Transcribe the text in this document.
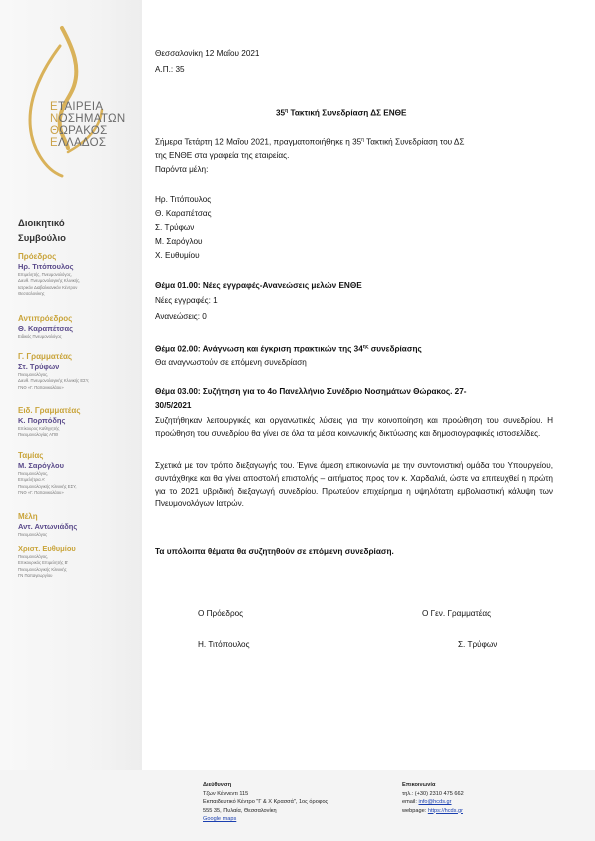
ΕΤΑΙΡΕΙΑ
ΝΟΣΗΜΑΤΩΝ
ΘΩΡΑΚΟΣ
ΕΛΛΑΔΟΣ
Διοικητικό
Συμβούλιο
Πρόεδρος
Ηρ. Τιτόπουλος
Επιμελητής, Πνευμονολόγος,
Διευθ. Πνευμονολογικής Κλινικής,
Ιατρικόν Διαβαλκανικόν Κέντρον
Θεσσαλονίκης
Αντιπρόεδρος
Θ. Καραπέτσας
Ειδικός Πνευμονολόγος
Γ. Γραμματέας
Στ. Τρύφων
Πνευμονολόγος,
Διευθ. Πνευμονολογικής Κλινικής ΕΣΥ,
ΓΝΘ «Γ. Παπανικολάου»
Ειδ. Γραμματέας
Κ. Πορπόδης
Επίκουρος Καθηγητής
Πνευμονολογίας ΑΠΘ
Ταμίας
Μ. Σαρόγλου
Πνευμονολόγος,
Επιμελήτρια Α'
Πνευμονολογικής Κλινικής ΕΣΥ,
ΓΝΘ «Γ. Παπανικολάου»
Μέλη
Αντ. Αντωνιάδης
Πνευμονολόγος
Χριστ. Ευθυμίου
Πνευμονολόγος,
Επικουρικός Επιμελητής Β'
Πνευμονολογικής Κλινικής
ΓΝ Παπαγεωργίου
Θεσσαλονίκη 12 Μαΐου 2021
Α.Π.: 35
$35^\eta$ Τακτική Συνεδρίαση ΔΣ ΕΝΘΕ
Σήμερα Τετάρτη 12 Μαΐου 2021, πραγματοποιήθηκε η $35^\eta$ Τακτική Συνεδρίαση του ΔΣ
της ΕΝΘΕ στα γραφεία της εταιρείας.
Παρόντα μέλη:
Ηρ. Τιτόπουλος
Θ. Καραπέτσας
Σ. Τρύφων
Μ. Σαρόγλου
Χ. Ευθυμίου
Θέμα 01.00: Νέες εγγραφές-Ανανεώσεις μελών ΕΝΘΕ
Νέες εγγραφές: 1
Ανανεώσεις: 0
Θέμα 02.00: Ανάγνωση και έγκριση πρακτικών της $34^{\eta\varsigma}$ συνεδρίασης
Θα αναγνωστούν σε επόμενη συνεδρίαση
Θέμα 03.00: Συζήτηση για το 4ο Πανελλήνιο Συνέδριο Νοσημάτων Θώρακος. 27-
30/5/2021
Συζητήθηκαν λειτουργικές και οργανωτικές λύσεις για την κοινοποίηση και προώθηση του συνεδρίου. Η προώθηση του συνεδρίου θα γίνει σε όλα τα μέσα κοινωνικής δικτύωσης και δημοσιογραφικές ιστοσελίδες.
Σχετικά με τον τρόπο διεξαγωγής του. Έγινε άμεση επικοινωνία με την συντονιστική ομάδα του Υπουργείου, συντάχθηκε και θα γίνει αποστολή επιστολής – αιτήματος προς τον κ. Χαρδαλιά, ώστε να επιτευχθεί η πρώτη για το 2021 υβριδική διεξαγωγή συνεδρίου. Πρωτεύον επιχείρημα η υψηλότατη εμβολιαστική κάλυψη των Πνευμονολόγων Ιατρών.
Τα υπόλοιπα θέματα θα συζητηθούν σε επόμενη συνεδρίαση.
Ο Πρόεδρος
Η. Τιτόπουλος
Ο Γεν. Γραμματέας
Σ. Τρύφων
Διεύθυνση
Τζων Κέννεντι 115
Εκπαιδευτικό Κέντρο "Γ & Χ Κρασσά", 1ος όροφος
555 35, Πυλαία, Θεσσαλονίκη
Google maps
Επικοινωνία
τηλ.: (+30) 2310 475 662
email: info@hcds.gr
webpage: https://hcds.gr
